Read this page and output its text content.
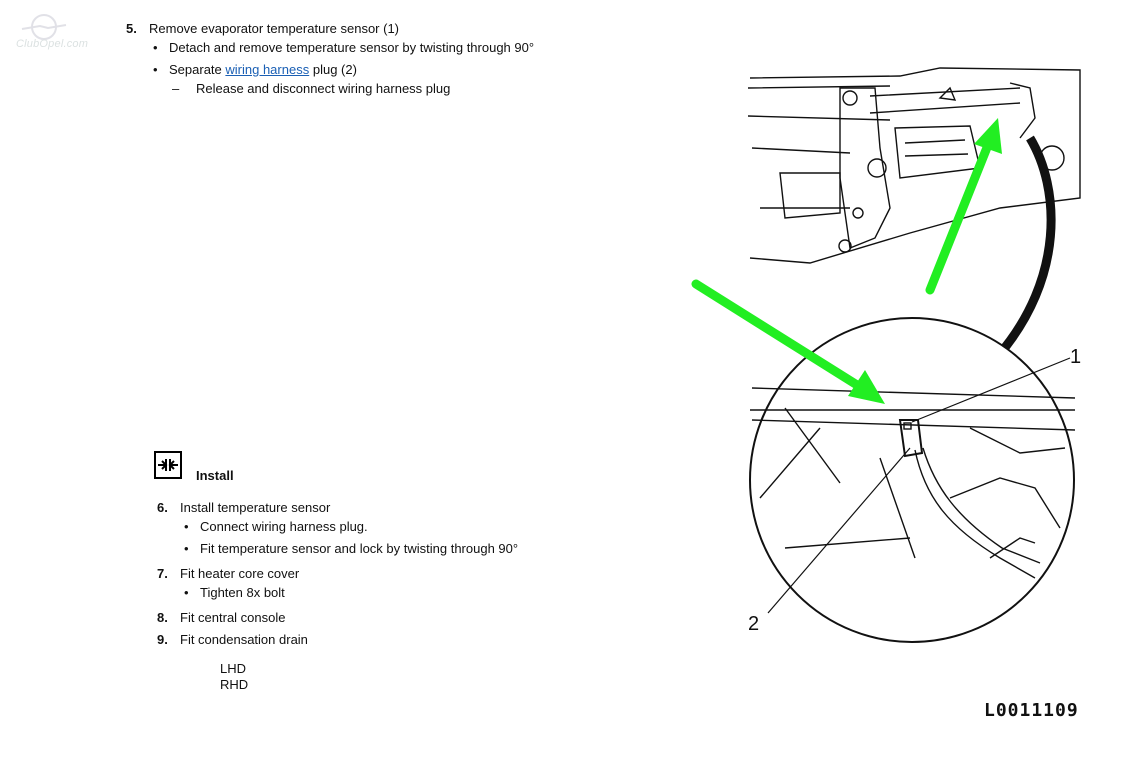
ClubOpel.com
5. Remove evaporator temperature sensor (1)
• Detach and remove temperature sensor by twisting through 90°
• Separate wiring harness plug (2)
– Release and disconnect wiring harness plug
Install
6. Install temperature sensor
• Connect wiring harness plug.
• Fit temperature sensor and lock by twisting through 90°
7. Fit heater core cover
• Tighten 8x bolt
8. Fit central console
9. Fit condensation drain
LHD
RHD
1
2
L0011109
